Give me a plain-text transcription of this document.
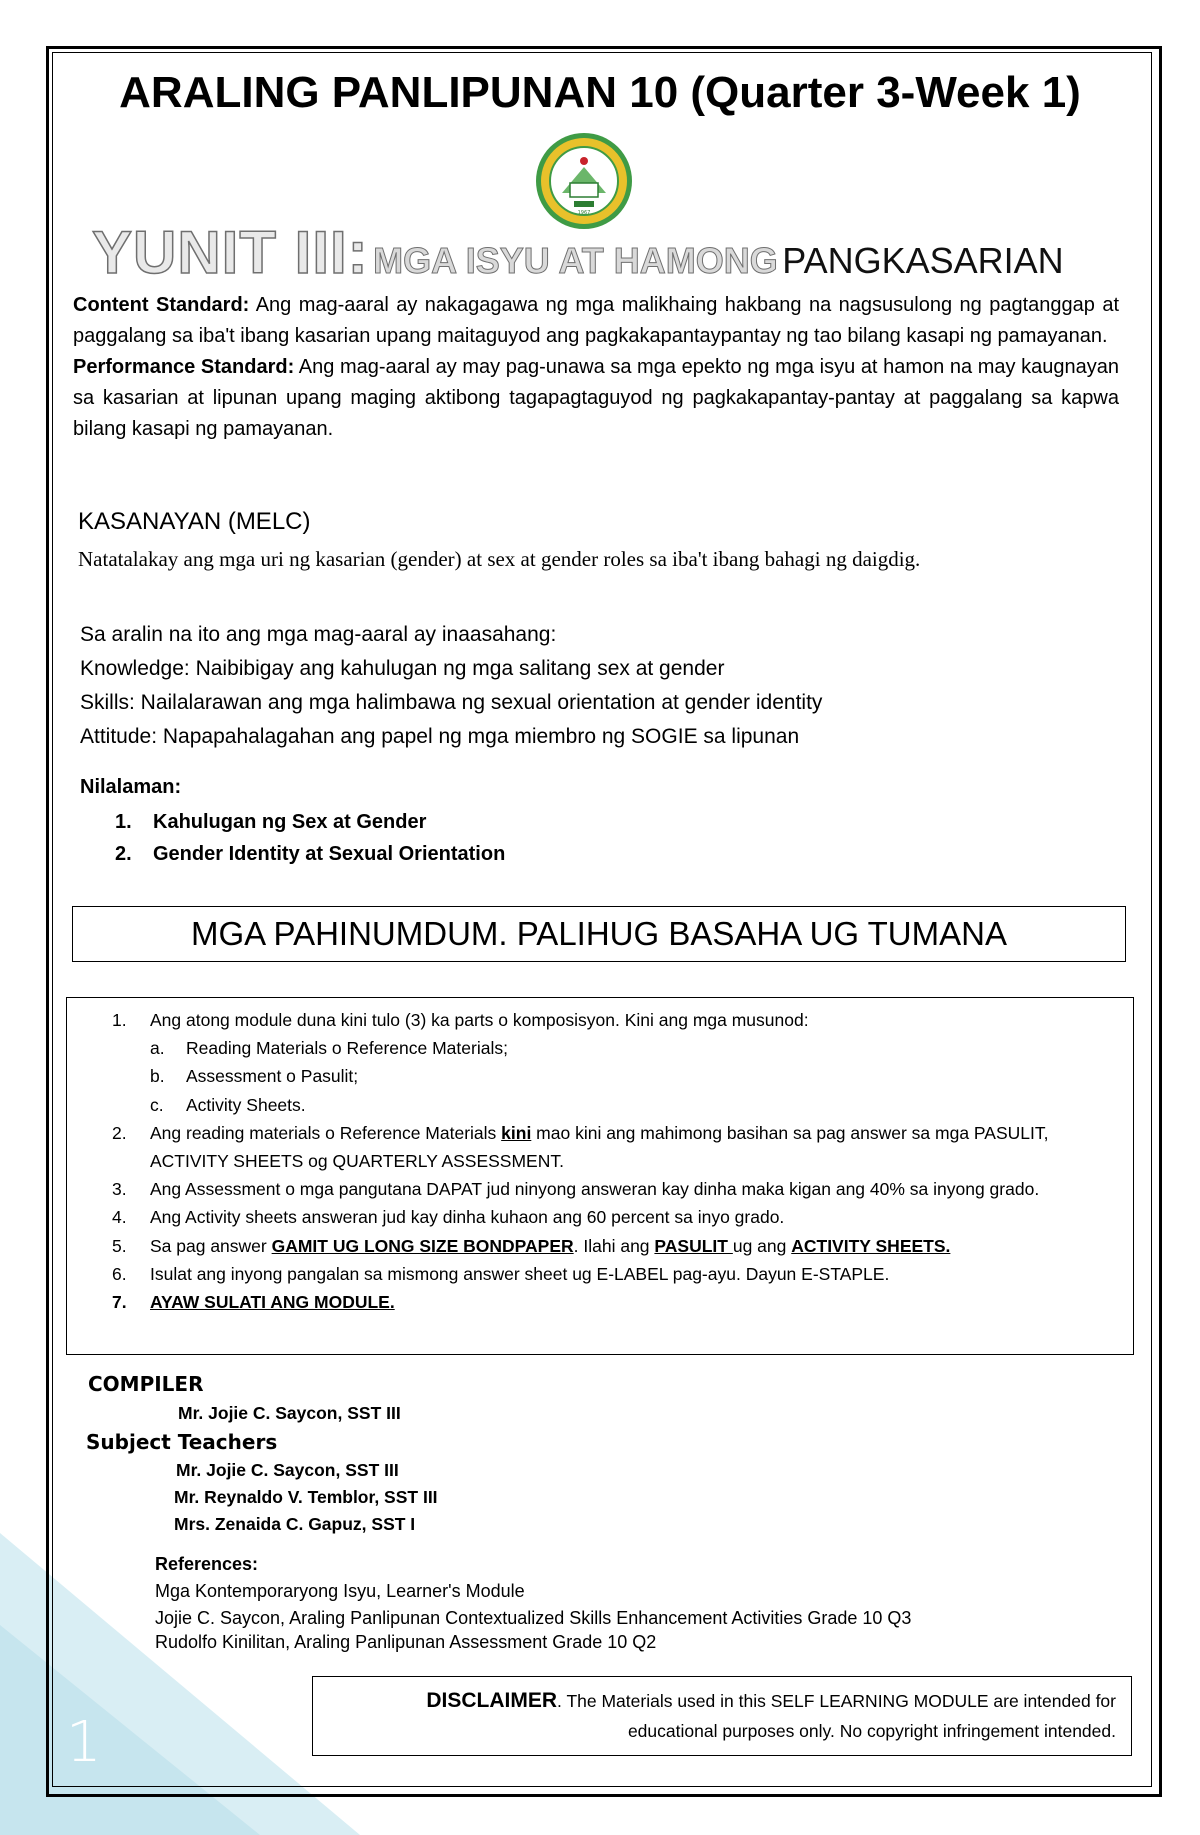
1
ARALING PANLIPUNAN 10 (Quarter 3-Week 1)
1967
YUNIT III: MGA ISYU AT HAMONG PANGKASARIAN
Content Standard: Ang mag-aaral ay nakagagawa ng mga malikhaing hakbang na nagsusulong ng pagtanggap at paggalang sa iba't ibang kasarian upang maitaguyod ang pagkakapantaypantay ng tao bilang kasapi ng pamayanan.
Performance Standard: Ang mag-aaral ay may pag-unawa sa mga epekto ng mga isyu at hamon na may kaugnayan sa kasarian at lipunan upang maging aktibong tagapagtaguyod ng pagkakapantay-pantay at paggalang sa kapwa bilang kasapi ng pamayanan.
KASANAYAN (MELC)
Natatalakay ang mga uri ng kasarian (gender) at sex at gender roles sa iba't ibang bahagi ng daigdig.
Sa aralin na ito ang mga mag-aaral ay inaasahang:
Knowledge: Naibibigay ang kahulugan ng mga salitang sex at gender
Skills: Nailalarawan ang mga halimbawa ng sexual orientation at gender identity
Attitude: Napapahalagahan ang papel ng mga miembro ng SOGIE sa lipunan
Nilalaman:
1. Kahulugan ng Sex at Gender
2. Gender Identity at Sexual Orientation
MGA PAHINUMDUM. PALIHUG BASAHA UG TUMANA
1. Ang atong module duna kini tulo (3) ka parts o komposisyon. Kini ang mga musunod:
a. Reading Materials o Reference Materials;
b. Assessment o Pasulit;
c. Activity Sheets.
2. Ang reading materials o Reference Materials kini mao kini ang mahimong basihan sa pag answer sa mga PASULIT, ACTIVITY SHEETS og QUARTERLY ASSESSMENT.
3. Ang Assessment o mga pangutana DAPAT jud ninyong answeran kay dinha maka kigan ang 40% sa inyong grado.
4. Ang Activity sheets answeran jud kay dinha kuhaon ang 60 percent sa inyo grado.
5. Sa pag answer GAMIT UG LONG SIZE BONDPAPER. Ilahi ang PASULIT ug ang ACTIVITY SHEETS.
6. Isulat ang inyong pangalan sa mismong answer sheet ug E-LABEL pag-ayu. Dayun E-STAPLE.
7. AYAW SULATI ANG MODULE.
COMPILER
Mr. Jojie C. Saycon, SST III
Subject Teachers
Mr. Jojie C. Saycon, SST III
Mr. Reynaldo V. Temblor, SST III
Mrs. Zenaida C. Gapuz, SST I
References:
Mga Kontemporaryong Isyu, Learner's Module
Jojie C. Saycon, Araling Panlipunan Contextualized Skills Enhancement Activities Grade 10 Q3
Rudolfo Kinilitan, Araling Panlipunan Assessment Grade 10 Q2
DISCLAIMER. The Materials used in this SELF LEARNING MODULE are intended for
educational purposes only. No copyright infringement intended.
